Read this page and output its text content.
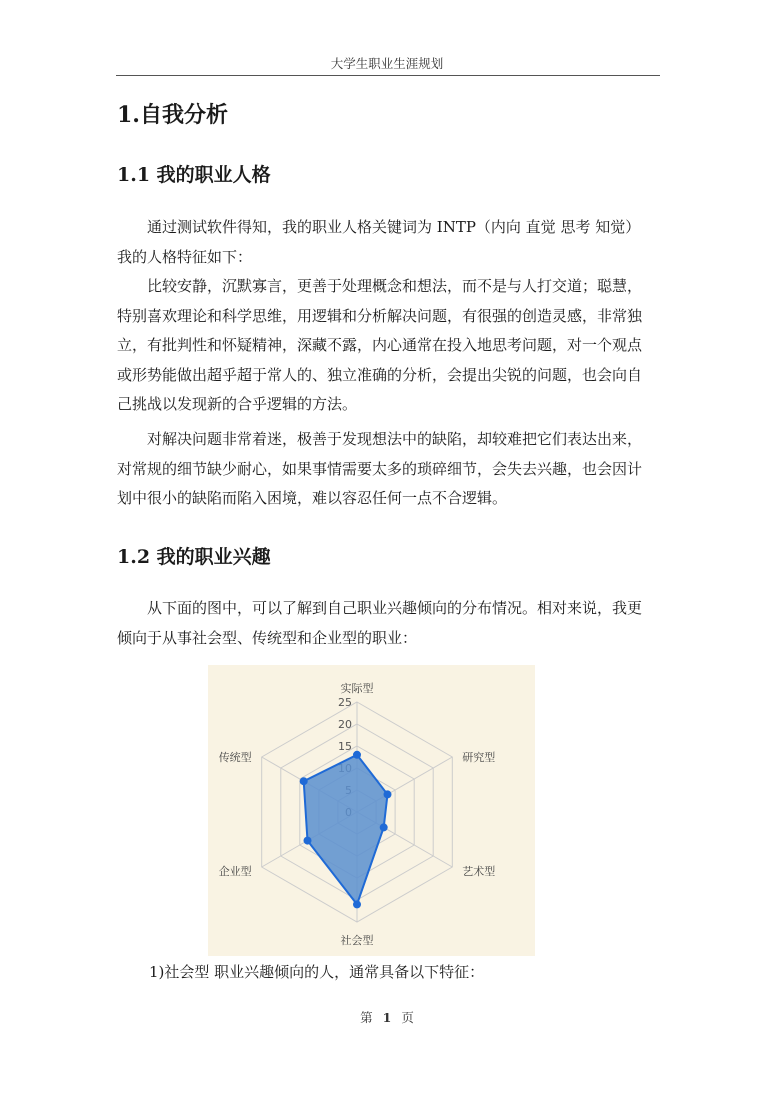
大学生职业生涯规划
1.自我分析
1.1 我的职业人格
通过测试软件得知，我的职业人格关键词为 INTP（内向 直觉 思考 知觉）
我的人格特征如下：
比较安静，沉默寡言，更善于处理概念和想法，而不是与人打交道；聪慧，
特别喜欢理论和科学思维，用逻辑和分析解决问题，有很强的创造灵感，非常独
立，有批判性和怀疑精神，深藏不露，内心通常在投入地思考问题，对一个观点
或形势能做出超乎超于常人的、独立准确的分析，会提出尖锐的问题，也会向自
己挑战以发现新的合乎逻辑的方法。
对解决问题非常着迷，极善于发现想法中的缺陷，却较难把它们表达出来，
对常规的细节缺少耐心，如果事情需要太多的琐碎细节，会失去兴趣，也会因计
划中很小的缺陷而陷入困境，难以容忍任何一点不合逻辑。
1.2 我的职业兴趣
从下面的图中，可以了解到自己职业兴趣倾向的分布情况。相对来说，我更
倾向于从事社会型、传统型和企业型的职业：
15
20
25
实际型
研究型
艺术型
社会型
企业型
传统型
1)社会型 职业兴趣倾向的人，通常具备以下特征：
第 1 页
